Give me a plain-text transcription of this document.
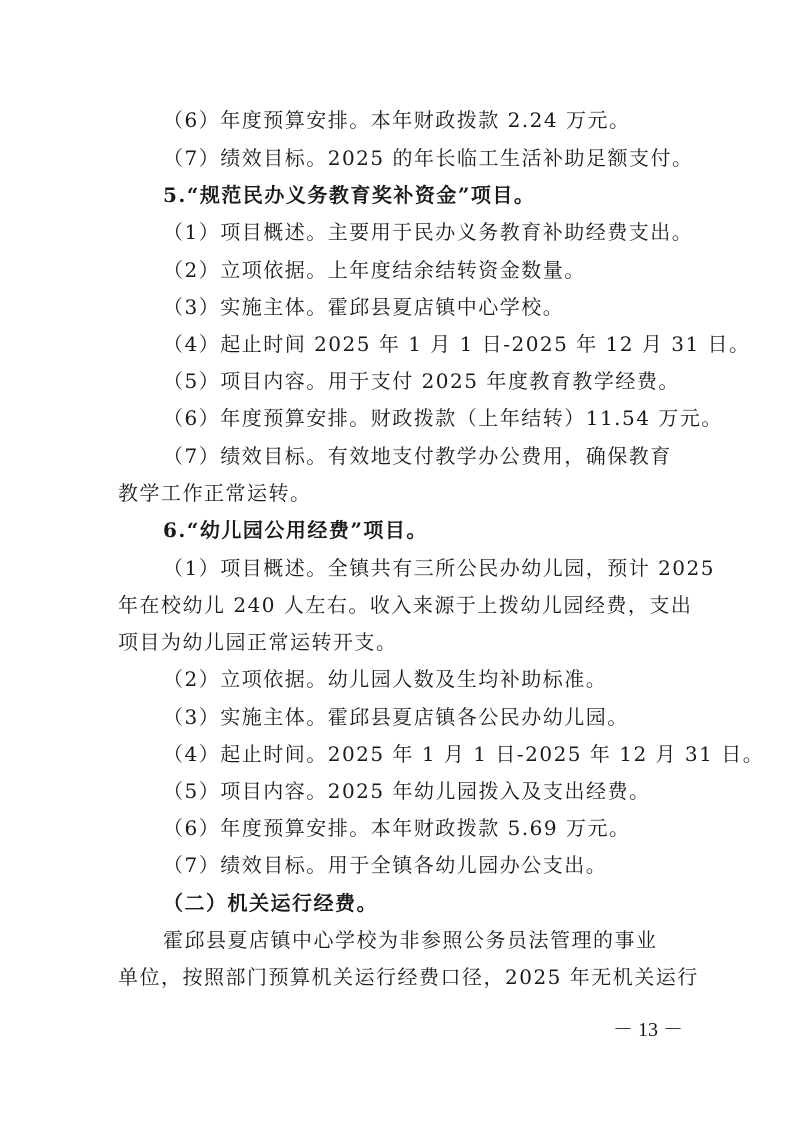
（6）年度预算安排。本年财政拨款 2.24 万元。
（7）绩效目标。2025 的年长临工生活补助足额支付。
5.“规范民办义务教育奖补资金”项目。
（1）项目概述。主要用于民办义务教育补助经费支出。
（2）立项依据。上年度结余结转资金数量。
（3）实施主体。霍邱县夏店镇中心学校。
（4）起止时间 2025 年 1 月 1 日-2025 年 12 月 31 日。
（5）项目内容。用于支付 2025 年度教育教学经费。
（6）年度预算安排。财政拨款（上年结转）11.54 万元。
（7）绩效目标。有效地支付教学办公费用，确保教育
教学工作正常运转。
6.“幼儿园公用经费”项目。
（1）项目概述。全镇共有三所公民办幼儿园，预计 2025
年在校幼儿 240 人左右。收入来源于上拨幼儿园经费，支出
项目为幼儿园正常运转开支。
（2）立项依据。幼儿园人数及生均补助标准。
（3）实施主体。霍邱县夏店镇各公民办幼儿园。
（4）起止时间。2025 年 1 月 1 日-2025 年 12 月 31 日。
（5）项目内容。2025 年幼儿园拨入及支出经费。
（6）年度预算安排。本年财政拨款 5.69 万元。
（7）绩效目标。用于全镇各幼儿园办公支出。
（二）机关运行经费。
霍邱县夏店镇中心学校为非参照公务员法管理的事业
单位，按照部门预算机关运行经费口径，2025 年无机关运行
－ 13 －
